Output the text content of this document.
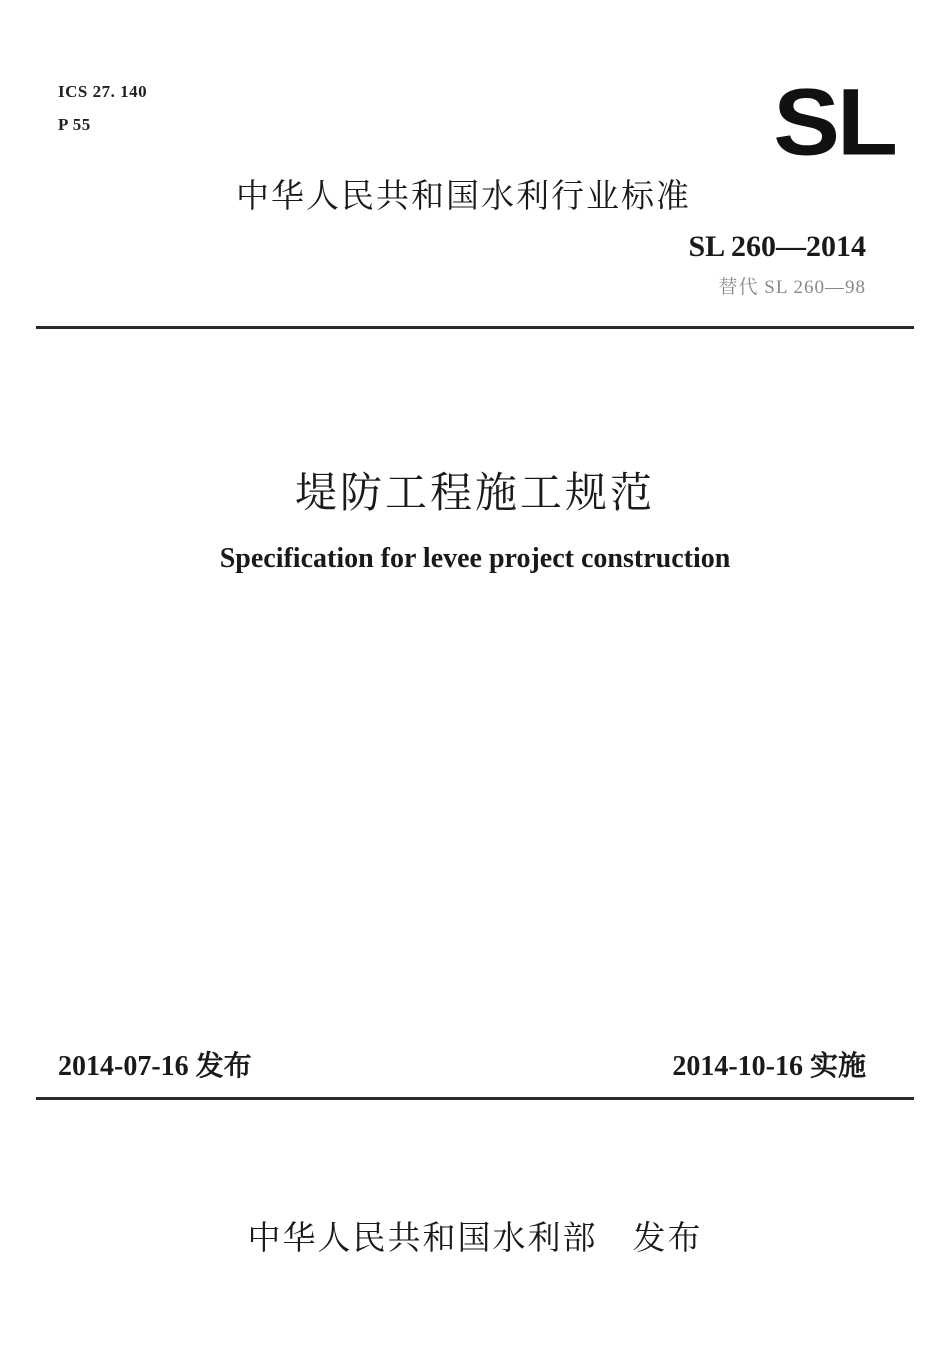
ICS 27. 140
P 55	SL
中华人民共和国水利行业标准
SL 260—2014
替代 SL 260—98
堤防工程施工规范
Specification for levee project construction
2014-07-16 发布	2014-10-16 实施
中华人民共和国水利部　发布
